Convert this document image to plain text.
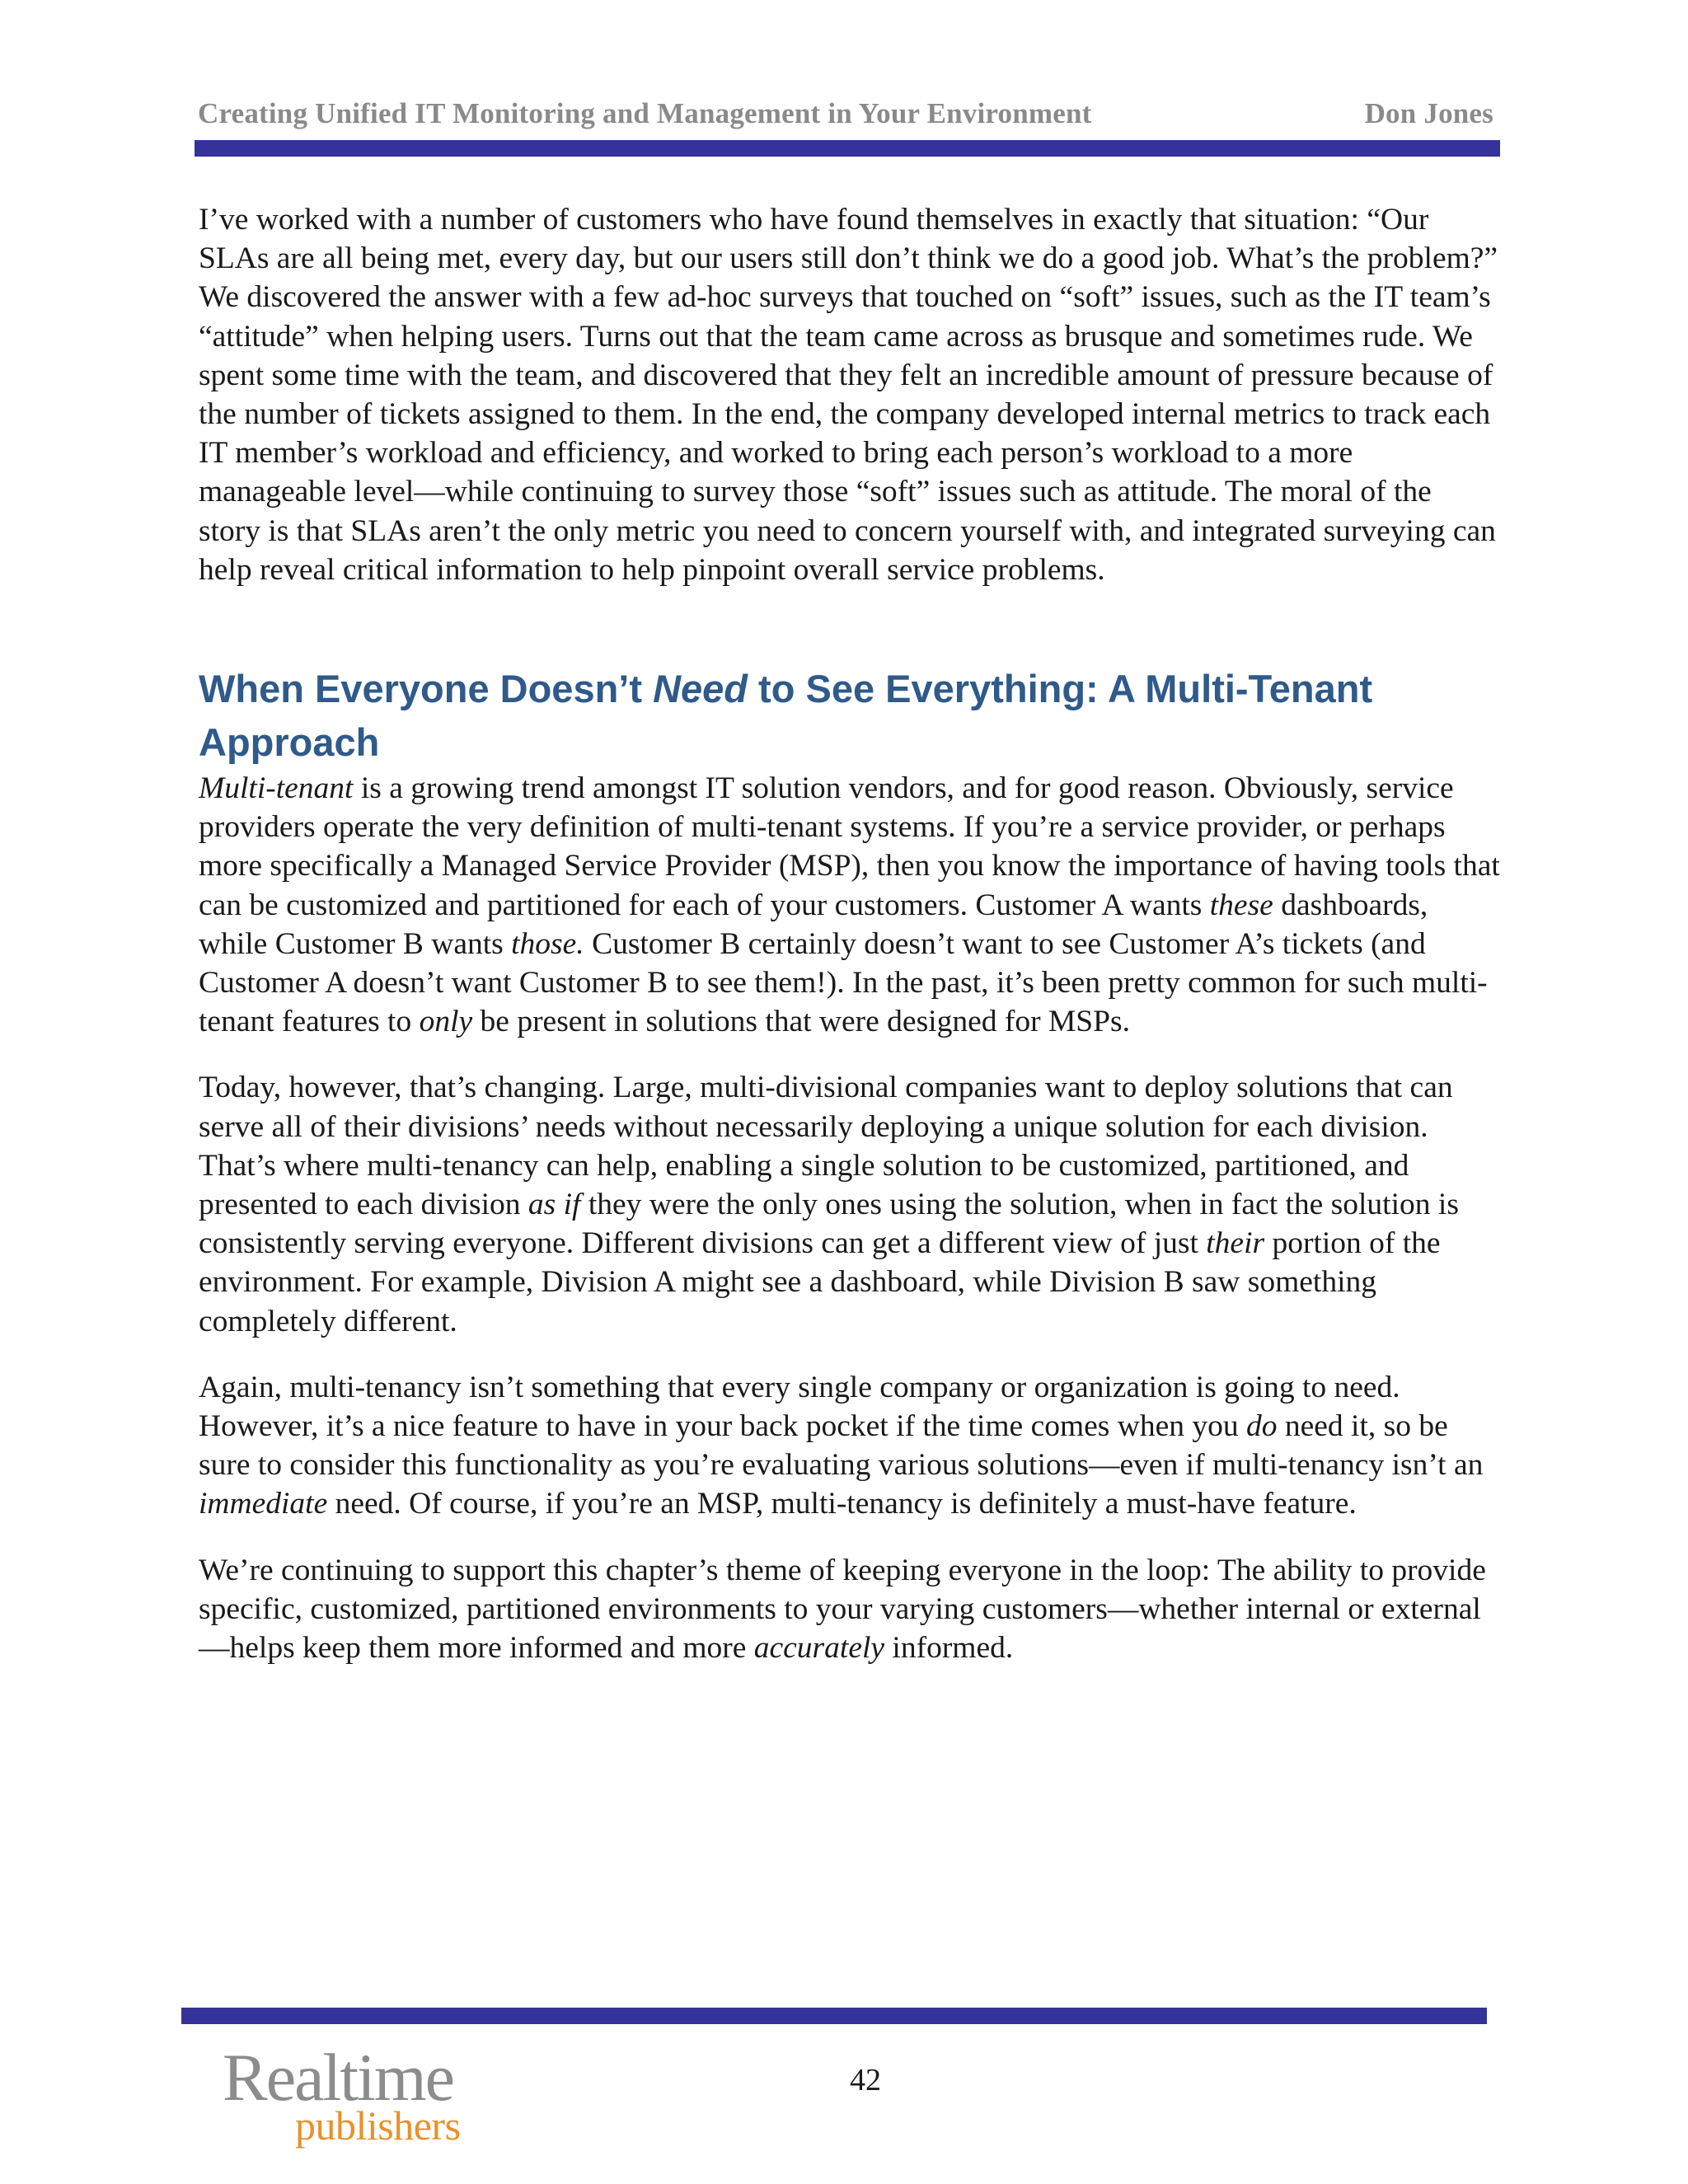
Creating Unified IT Monitoring and Management in Your Environment	Don Jones

I’ve worked with a number of customers who have found themselves in exactly that situation: “Our SLAs are all being met, every day, but our users still don’t think we do a good job. What’s the problem?” We discovered the answer with a few ad-hoc surveys that touched on “soft” issues, such as the IT team’s “attitude” when helping users. Turns out that the team came across as brusque and sometimes rude. We spent some time with the team, and discovered that they felt an incredible amount of pressure because of the number of tickets assigned to them. In the end, the company developed internal metrics to track each IT member’s workload and efficiency, and worked to bring each person’s workload to a more manageable level—while continuing to survey those “soft” issues such as attitude. The moral of the story is that SLAs aren’t the only metric you need to concern yourself with, and integrated surveying can help reveal critical information to help pinpoint overall service problems.

When Everyone Doesn’t Need to See Everything: A Multi-Tenant Approach

Multi-tenant is a growing trend amongst IT solution vendors, and for good reason. Obviously, service providers operate the very definition of multi-tenant systems. If you’re a service provider, or perhaps more specifically a Managed Service Provider (MSP), then you know the importance of having tools that can be customized and partitioned for each of your customers. Customer A wants these dashboards, while Customer B wants those. Customer B certainly doesn’t want to see Customer A’s tickets (and Customer A doesn’t want Customer B to see them!). In the past, it’s been pretty common for such multi-tenant features to only be present in solutions that were designed for MSPs.

Today, however, that’s changing. Large, multi-divisional companies want to deploy solutions that can serve all of their divisions’ needs without necessarily deploying a unique solution for each division. That’s where multi-tenancy can help, enabling a single solution to be customized, partitioned, and presented to each division as if they were the only ones using the solution, when in fact the solution is consistently serving everyone. Different divisions can get a different view of just their portion of the environment. For example, Division A might see a dashboard, while Division B saw something completely different.

Again, multi-tenancy isn’t something that every single company or organization is going to need. However, it’s a nice feature to have in your back pocket if the time comes when you do need it, so be sure to consider this functionality as you’re evaluating various solutions—even if multi-tenancy isn’t an immediate need. Of course, if you’re an MSP, multi-tenancy is definitely a must-have feature.

We’re continuing to support this chapter’s theme of keeping everyone in the loop: The ability to provide specific, customized, partitioned environments to your varying customers—whether internal or external—helps keep them more informed and more accurately informed.

Realtime
publishers
42
